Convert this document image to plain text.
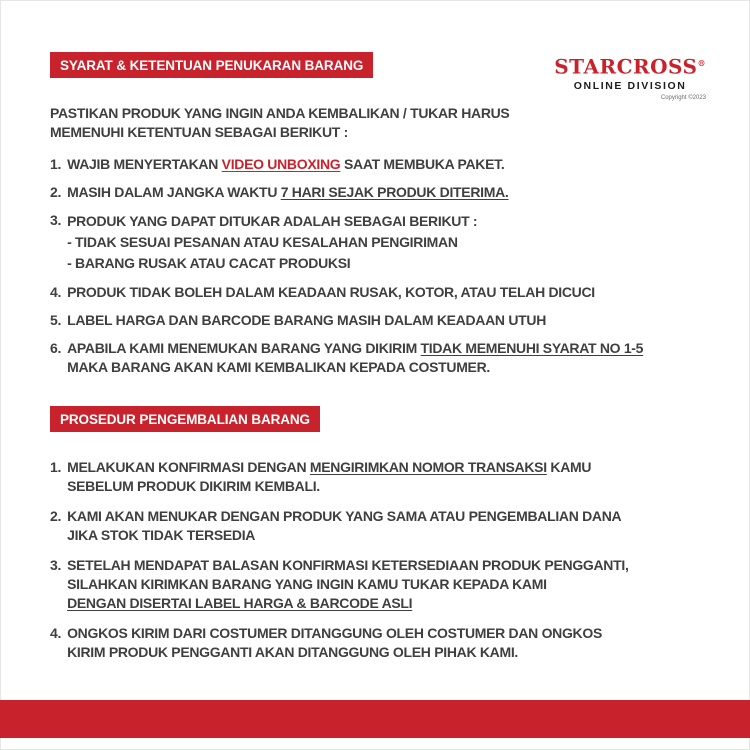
STARCROSS®
ONLINE DIVISION
Copyright ©2023
SYARAT & KETENTUAN PENUKARAN BARANG
PASTIKAN PRODUK YANG INGIN ANDA KEMBALIKAN / TUKAR HARUS
MEMENUHI KETENTUAN SEBAGAI BERIKUT :
1. WAJIB MENYERTAKAN VIDEO UNBOXING SAAT MEMBUKA PAKET.
2. MASIH DALAM JANGKA WAKTU 7 HARI SEJAK PRODUK DITERIMA.
3. PRODUK YANG DAPAT DITUKAR ADALAH SEBAGAI BERIKUT :
- TIDAK SESUAI PESANAN ATAU KESALAHAN PENGIRIMAN
- BARANG RUSAK ATAU CACAT PRODUKSI
4. PRODUK TIDAK BOLEH DALAM KEADAAN RUSAK, KOTOR, ATAU TELAH DICUCI
5. LABEL HARGA DAN BARCODE BARANG MASIH DALAM KEADAAN UTUH
6. APABILA KAMI MENEMUKAN BARANG YANG DIKIRIM TIDAK MEMENUHI SYARAT NO 1-5
MAKA BARANG AKAN KAMI KEMBALIKAN KEPADA COSTUMER.
PROSEDUR PENGEMBALIAN BARANG
1. MELAKUKAN KONFIRMASI DENGAN MENGIRIMKAN NOMOR TRANSAKSI KAMU
SEBELUM PRODUK DIKIRIM KEMBALI.
2. KAMI AKAN MENUKAR DENGAN PRODUK YANG SAMA ATAU PENGEMBALIAN DANA
JIKA STOK TIDAK TERSEDIA
3. SETELAH MENDAPAT BALASAN KONFIRMASI KETERSEDIAAN PRODUK PENGGANTI,
SILAHKAN KIRIMKAN BARANG YANG INGIN KAMU TUKAR KEPADA KAMI
DENGAN DISERTAI LABEL HARGA & BARCODE ASLI
4. ONGKOS KIRIM DARI COSTUMER DITANGGUNG OLEH COSTUMER DAN ONGKOS
KIRIM PRODUK PENGGANTI AKAN DITANGGUNG OLEH PIHAK KAMI.
